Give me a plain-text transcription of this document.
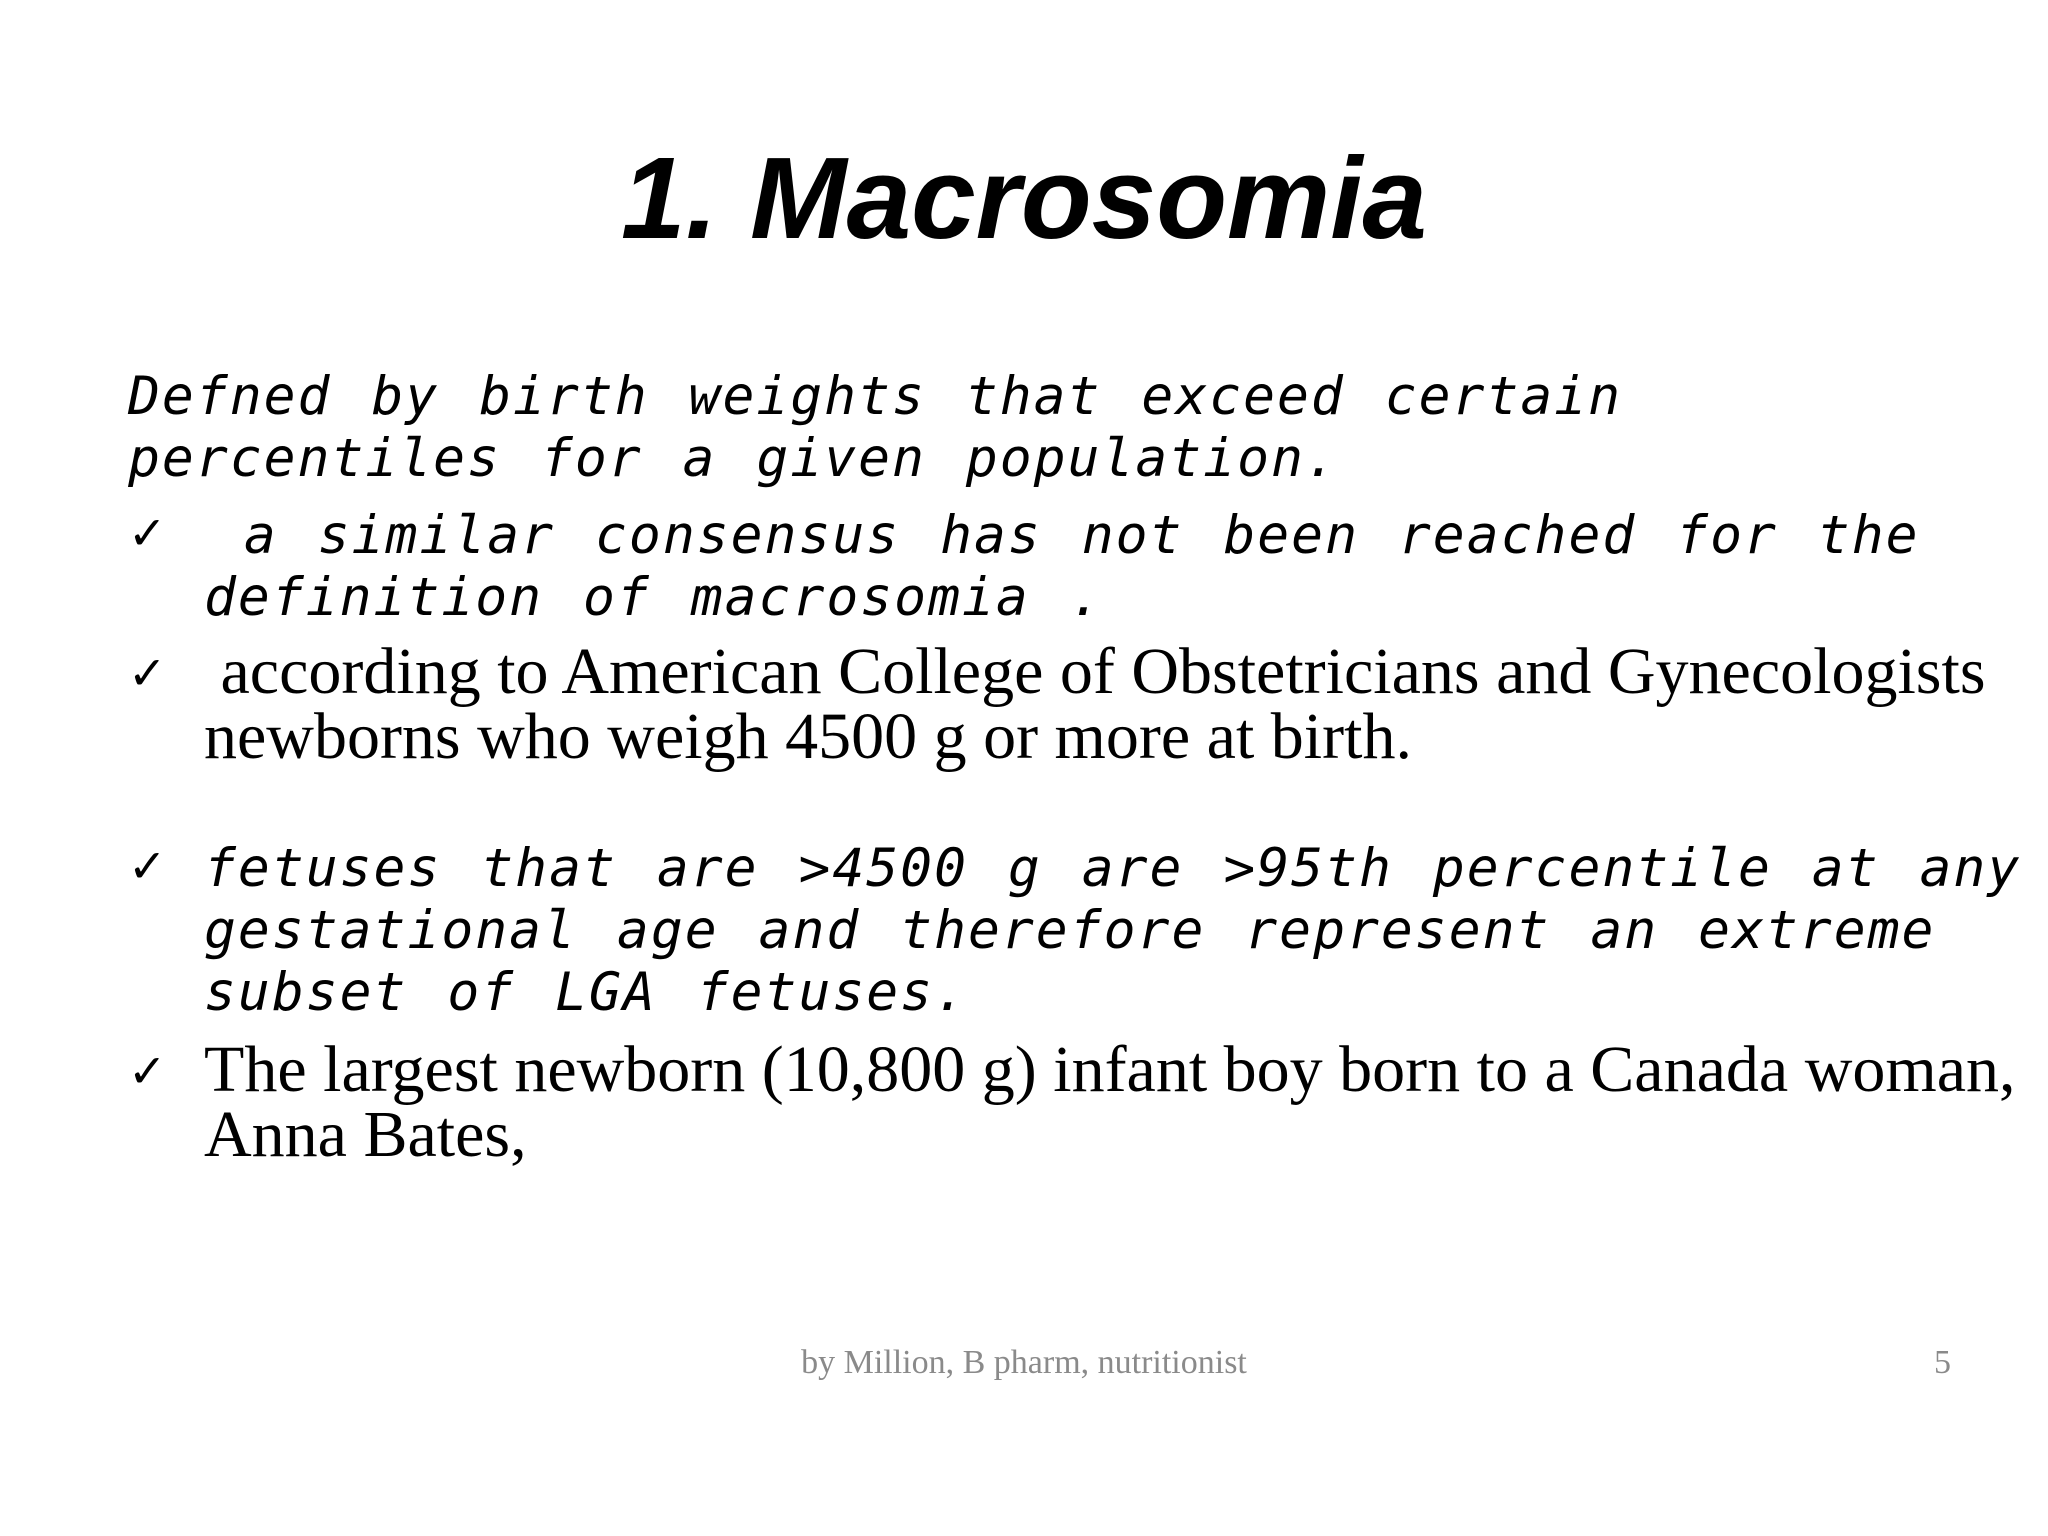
1. Macrosomia

Defned by birth weights that exceed certain percentiles for a given population.

✓ a similar consensus has not been reached for the definition of macrosomia .

✓ according to American College of Obstetricians and Gynecologists newborns who weigh 4500 g or more at birth.

✓ fetuses that are >4500 g are >95th percentile at any gestational age and therefore represent an extreme subset of LGA fetuses.

✓ The largest newborn (10,800 g) infant boy born to a Canada woman, Anna Bates,

by Million, B pharm, nutritionist	5
